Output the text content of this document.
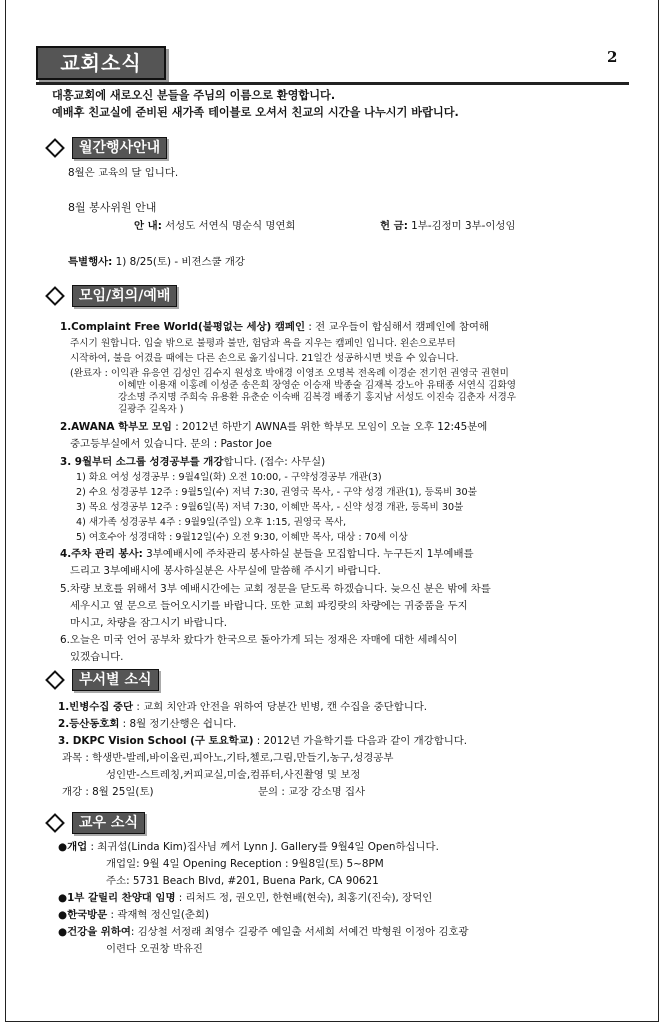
교회소식	2
대흥교회에 새로오신 분들을 주님의 이름으로 환영합니다.
예배후 친교실에 준비된 새가족 테이블로 오셔서 친교의 시간을 나누시기 바랍니다.
월간행사안내
8월은 교육의 달 입니다.
8월 봉사위원 안내
안 내: 서성도 서연식 명순식 명연희	헌 금: 1부-김정미 3부-이성임
특별행사: 1) 8/25(토) - 비젼스쿨 개강
모임/회의/예배
1.Complaint Free World(불평없는 세상) 캠페인 : 전 교우들이 합심해서 캠페인에 참여해
주시기 원합니다. 입술 밖으로 불평과 불만, 험담과 욕을 지우는 캠페인 입니다. 왼손으로부터
시작하여, 불을 어겼을 때에는 다른 손으로 옮기십니다. 21일간 성공하시면 벗을 수 있습니다.
(완료자 : 이익관 유응연 김성인 김수지 원성호 박애경 이영조 오명복 전옥례 이경순 전기헌 권영국 권현미
이혜만 이용재 이홍례 이성준 송은희 장영순 이승재 박종술 김재복 강노아 유태종 서연식 김화영
강소명 주지명 주희숙 유용환 유춘순 이숙배 김복경 배종기 홍지남 서성도 이진숙 김춘자 서경우
길광주 길옥자 )
2.AWANA 학부모 모임 : 2012년 하반기 AWNA를 위한 학부모 모임이 오늘 오후 12:45분에
중고등부실에서 있습니다. 문의 : Pastor Joe
3. 9월부터 소그룹 성경공부를 개강합니다. (접수: 사무실)
1) 화요 여성 성경공부 : 9월4일(화) 오전 10:00, - 구약성경공부 개관(3)
2) 수요 성경공부 12주 : 9월5일(수) 저녁 7:30, 권영국 목사, - 구약 성경 개관(1), 등록비 30불
3) 목요 성경공부 12주 : 9월6일(목) 저녁 7:30, 이혜만 목사, - 신약 성경 개관, 등록비 30불
4) 새가족 성경공부 4주 : 9월9일(주일) 오후 1:15, 권영국 목사,
5) 여호수아 성경대학 : 9월12일(수) 오전 9:30, 이혜만 목사, 대상 : 70세 이상
4.주차 관리 봉사: 3부예배시에 주차관리 봉사하실 분들을 모집합니다. 누구든지 1부예배를
드리고 3부예배시에 봉사하실분은 사무실에 말씀해 주시기 바랍니다.
5.차량 보호를 위해서 3부 예배시간에는 교회 정문을 닫도록 하겠습니다. 늦으신 분은 밖에 차를
세우시고 옆 문으로 들어오시기를 바랍니다. 또한 교회 파킹랏의 차량에는 귀중품을 두지
마시고, 차량을 잠그시기 바랍니다.
6.오늘은 미국 언어 공부차 왔다가 한국으로 돌아가게 되는 정재은 자매에 대한 세례식이
있겠습니다.
부서별 소식
1.빈병수집 중단 : 교회 치안과 안전을 위하여 당분간 빈병, 캔 수집을 중단합니다.
2.등산동호회 : 8월 정기산행은 쉽니다.
3. DKPC Vision School (구 토요학교) : 2012년 가을학기를 다음과 같이 개강합니다.
과목 : 학생반-발레,바이올린,피아노,기타,첼로,그림,만들기,농구,성경공부
성인반-스트레칭,커피교실,미술,컴퓨터,사진촬영 및 보정
개강 : 8월 25일(토)	문의 : 교장 강소명 집사
교우 소식
●개업 : 최귀섭(Linda Kim)집사님 께서 Lynn J. Gallery를 9월4일 Open하십니다.
개업일: 9월 4일 Opening Reception : 9월8일(토) 5~8PM
주소: 5731 Beach Blvd, #201, Buena Park, CA 90621
●1부 갈릴리 찬양대 임명 : 리처드 정, 권오민, 한현배(현숙), 최홍기(진숙), 장덕인
●한국방문 : 곽재혁 정신일(춘희)
●건강을 위하여: 김상철 서정래 최영수 길광주 예일출 서세희 서예건 박형원 이정아 김호광
이련다 오권창 박유진
